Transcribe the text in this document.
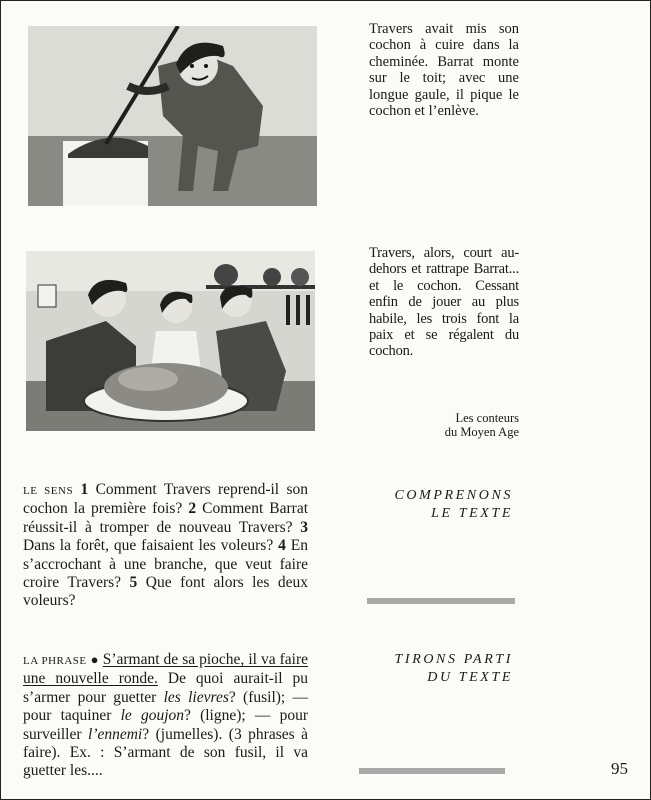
Travers avait mis son cochon à cuire dans la cheminée. Barrat monte sur le toit; avec une longue gaule, il pique le cochon et l’enlève.

Travers, alors, court au-dehors et rattrape Barrat... et le cochon. Cessant enfin de jouer au plus habile, les trois font la paix et se régalent du cochon.

Les conteurs
du Moyen Age

LE SENS 1 Comment Travers reprend-il son cochon la première fois? 2 Comment Barrat réussit-il à tromper de nouveau Travers? 3 Dans la forêt, que faisaient les voleurs? 4 En s’accrochant à une branche, que veut faire croire Travers? 5 Que font alors les deux voleurs?

COMPRENONS
LE TEXTE

LA PHRASE ● S’armant de sa pioche, il va faire une nouvelle ronde. De quoi aurait-il pu s’armer pour guetter les lievres? (fusil); — pour taquiner le goujon? (ligne); — pour surveiller l’ennemi? (jumelles). (3 phrases à faire). Ex. : S’armant de son fusil, il va guetter les....

TIRONS PARTI
DU TEXTE
95
